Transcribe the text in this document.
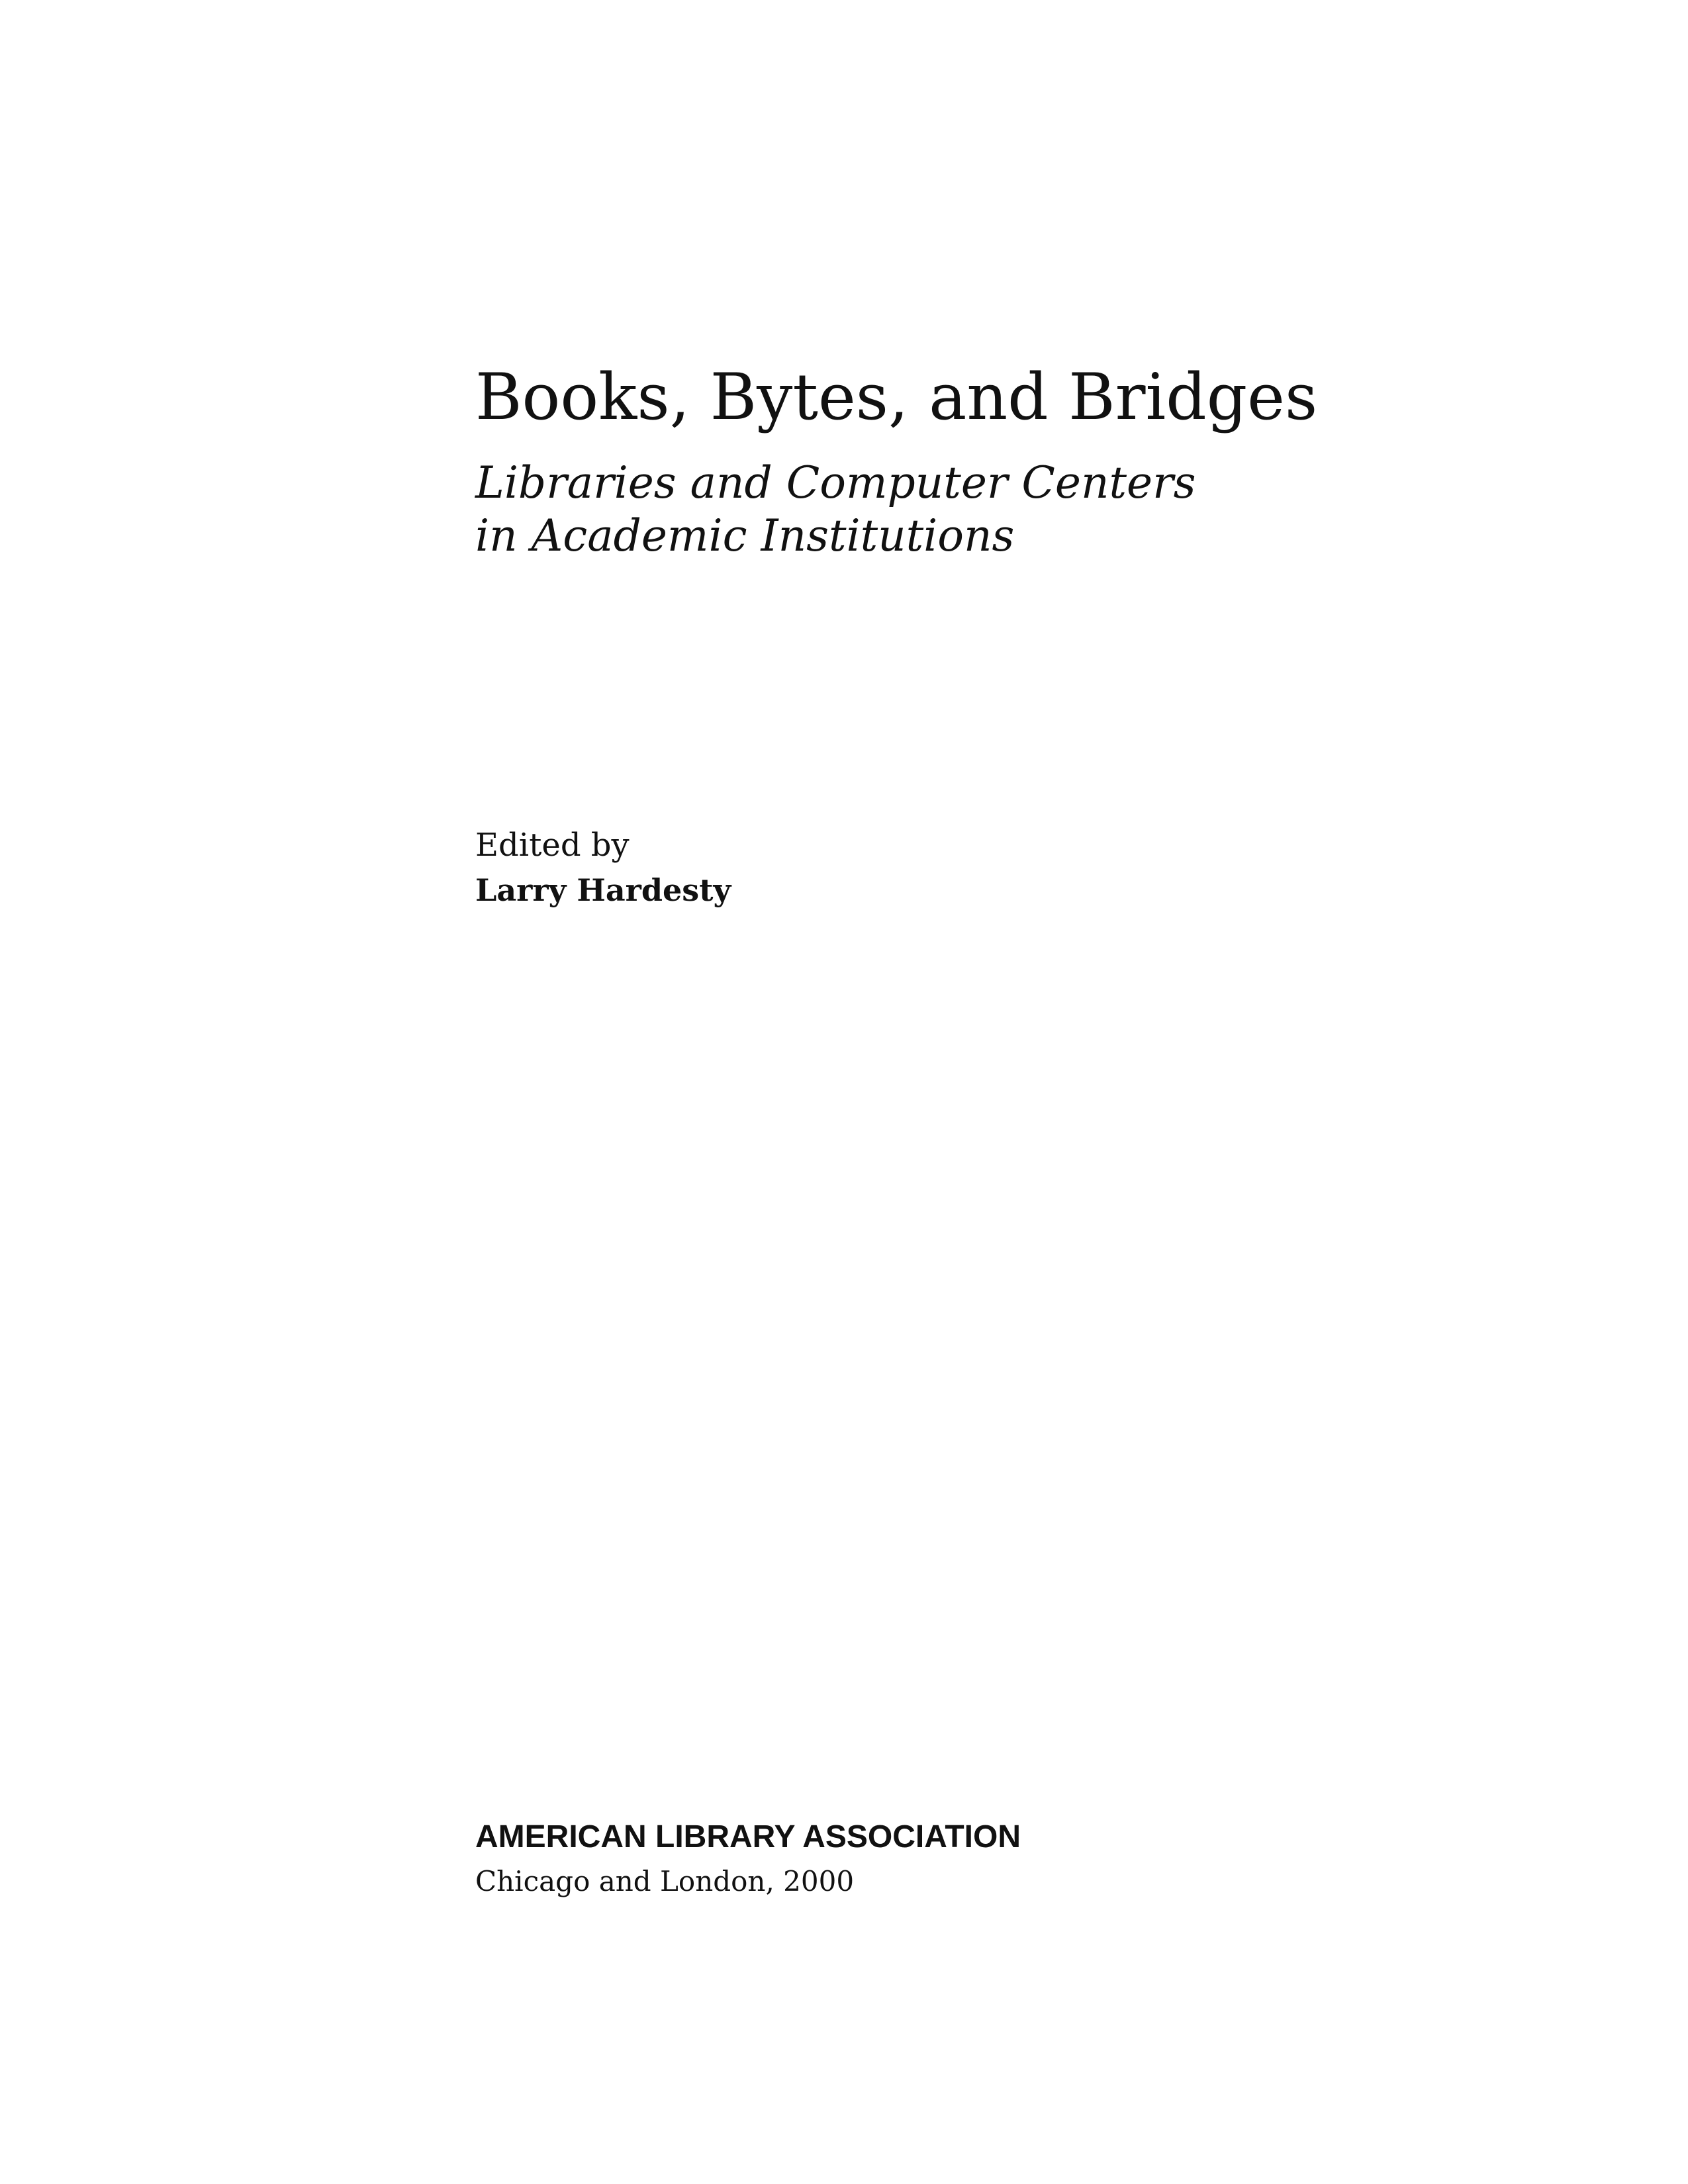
Books, Bytes, and Bridges
Libraries and Computer Centers
in Academic Institutions
Edited by
Larry Hardesty
AMERICAN LIBRARY ASSOCIATION
Chicago and London, 2000
